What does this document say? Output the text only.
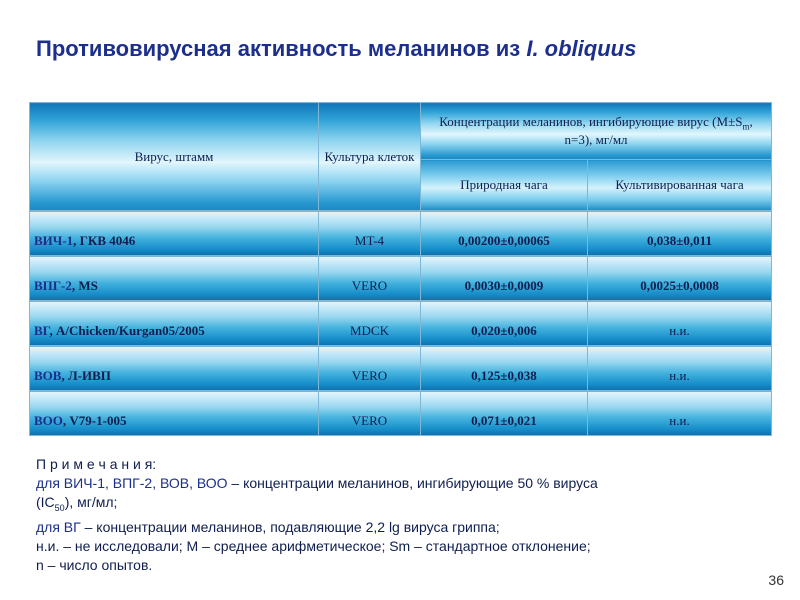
Противовирусная активность меланинов из I. obliquus
Вирус, штамм	Культура клеток	Концентрации меланинов, ингибирующие вирус ($M\pm S_m$, n=3), мг/мл	
		Природная чага	Культивированная чага
ВИЧ-1, ГКВ 4046	MT-4	0,00200±0,00065	0,038±0,011
ВПГ-2, MS	VERO	0,0030±0,0009	0,0025±0,0008
ВГ, A/Chicken/Kurgan05/2005	MDCK	0,020±0,006	н.и.
ВОВ, Л-ИВП	VERO	0,125±0,038	н.и.
ВОО, V79-1-005	VERO	0,071±0,021	н.и.
П р и м е ч а н и я:
для ВИЧ-1, ВПГ-2, ВОВ, ВОО – концентрации меланинов, ингибирующие 50 % вируса
$(IC_{50})$, мг/мл;
для ВГ – концентрации меланинов, подавляющие 2,2 lg вируса гриппа;
н.и. – не исследовали; М – среднее арифметическое; Sm – стандартное отклонение;
n – число опытов.
36
